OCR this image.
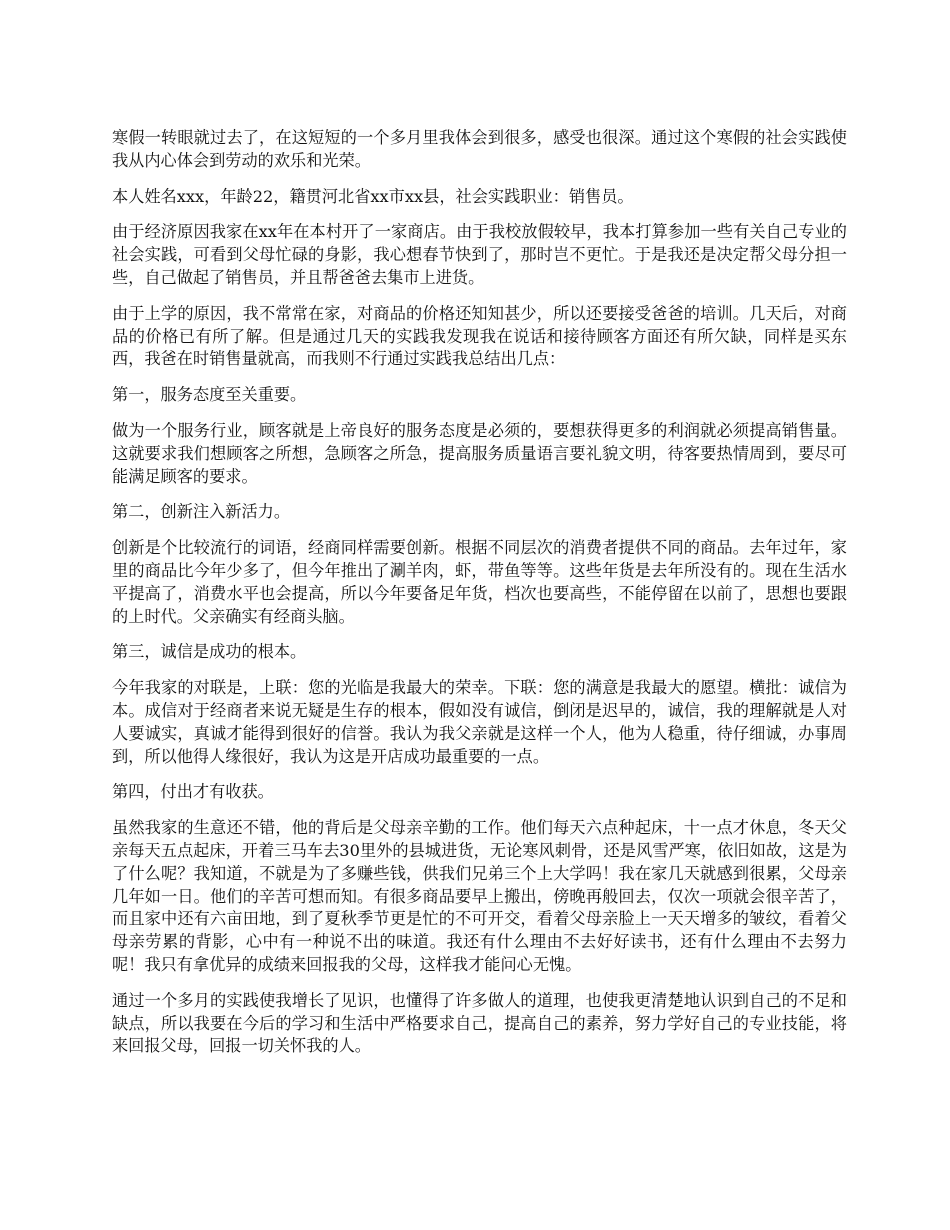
寒假一转眼就过去了，在这短短的一个多月里我体会到很多，感受也很深。通过这个寒假的社会实践使我从内心体会到劳动的欢乐和光荣。

本人姓名xxx，年龄22，籍贯河北省xx市xx县，社会实践职业：销售员。

由于经济原因我家在xx年在本村开了一家商店。由于我校放假较早，我本打算参加一些有关自己专业的社会实践，可看到父母忙碌的身影，我心想春节快到了，那时岂不更忙。于是我还是决定帮父母分担一些，自己做起了销售员，并且帮爸爸去集市上进货。

由于上学的原因，我不常常在家，对商品的价格还知知甚少，所以还要接受爸爸的培训。几天后，对商品的价格已有所了解。但是通过几天的实践我发现我在说话和接待顾客方面还有所欠缺，同样是买东西，我爸在时销售量就高，而我则不行通过实践我总结出几点：

第一，服务态度至关重要。

做为一个服务行业，顾客就是上帝良好的服务态度是必须的，要想获得更多的利润就必须提高销售量。这就要求我们想顾客之所想，急顾客之所急，提高服务质量语言要礼貌文明，待客要热情周到，要尽可能满足顾客的要求。

第二，创新注入新活力。

创新是个比较流行的词语，经商同样需要创新。根据不同层次的消费者提供不同的商品。去年过年，家里的商品比今年少多了，但今年推出了涮羊肉，虾，带鱼等等。这些年货是去年所没有的。现在生活水平提高了，消费水平也会提高，所以今年要备足年货，档次也要高些，不能停留在以前了，思想也要跟的上时代。父亲确实有经商头脑。

第三，诚信是成功的根本。

今年我家的对联是，上联：您的光临是我最大的荣幸。下联：您的满意是我最大的愿望。横批：诚信为本。成信对于经商者来说无疑是生存的根本，假如没有诚信，倒闭是迟早的，诚信，我的理解就是人对人要诚实，真诚才能得到很好的信誉。我认为我父亲就是这样一个人，他为人稳重，待仔细诚，办事周到，所以他得人缘很好，我认为这是开店成功最重要的一点。

第四，付出才有收获。

虽然我家的生意还不错，他的背后是父母亲辛勤的工作。他们每天六点种起床，十一点才休息，冬天父亲每天五点起床，开着三马车去30里外的县城进货，无论寒风刺骨，还是风雪严寒，依旧如故，这是为了什么呢？我知道，不就是为了多赚些钱，供我们兄弟三个上大学吗！我在家几天就感到很累，父母亲几年如一日。他们的辛苦可想而知。有很多商品要早上搬出，傍晚再般回去，仅次一项就会很辛苦了，而且家中还有六亩田地，到了夏秋季节更是忙的不可开交，看着父母亲脸上一天天增多的皱纹，看着父母亲劳累的背影，心中有一种说不出的味道。我还有什么理由不去好好读书，还有什么理由不去努力呢！我只有拿优异的成绩来回报我的父母，这样我才能问心无愧。

通过一个多月的实践使我增长了见识，也懂得了许多做人的道理，也使我更清楚地认识到自己的不足和缺点，所以我要在今后的学习和生活中严格要求自己，提高自己的素养，努力学好自己的专业技能，将来回报父母，回报一切关怀我的人。
